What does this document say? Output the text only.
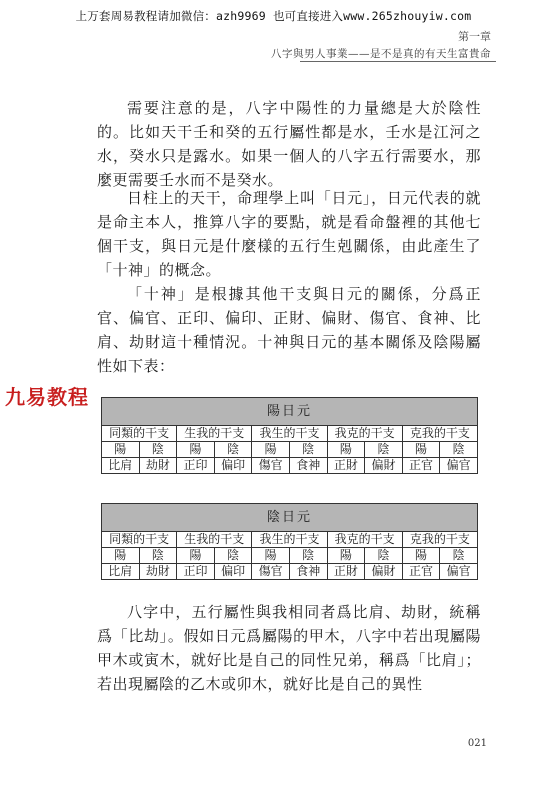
上万套周易教程请加微信：azh9969 也可直接进入www.265zhouyiw.com
第一章
八字與男人事業——是不是真的有天生富貴命

需要注意的是，八字中陽性的力量總是大於陰性的。比如天干壬和癸的五行屬性都是水，壬水是江河之水，癸水只是露水。如果一個人的八字五行需要水，那麼更需要壬水而不是癸水。

日柱上的天干，命理學上叫「日元」，日元代表的就是命主本人，推算八字的要點，就是看命盤裡的其他七個干支，與日元是什麼樣的五行生剋關係，由此產生了「十神」的概念。

「十神」是根據其他干支與日元的關係，分爲正官、偏官、正印、偏印、正財、偏財、傷官、食神、比肩、劫財這十種情況。十神與日元的基本關係及陰陽屬性如下表：

九易教程
陽日元									
同類的干支		生我的干支		我生的干支		我克的干支		克我的干支	
陽	陰	陽	陰	陽	陰	陽	陰	陽	陰
比肩	劫財	正印	偏印	傷官	食神	正財	偏財	正官	偏官
陰日元									
同類的干支		生我的干支		我生的干支		我克的干支		克我的干支	
陽	陰	陽	陰	陽	陰	陽	陰	陽	陰
比肩	劫財	正印	偏印	傷官	食神	正財	偏財	正官	偏官

八字中，五行屬性與我相同者爲比肩、劫財，統稱爲「比劫」。假如日元爲屬陽的甲木，八字中若出現屬陽甲木或寅木，就好比是自己的同性兄弟，稱爲「比肩」；若出現屬陰的乙木或卯木，就好比是自己的異性

021
